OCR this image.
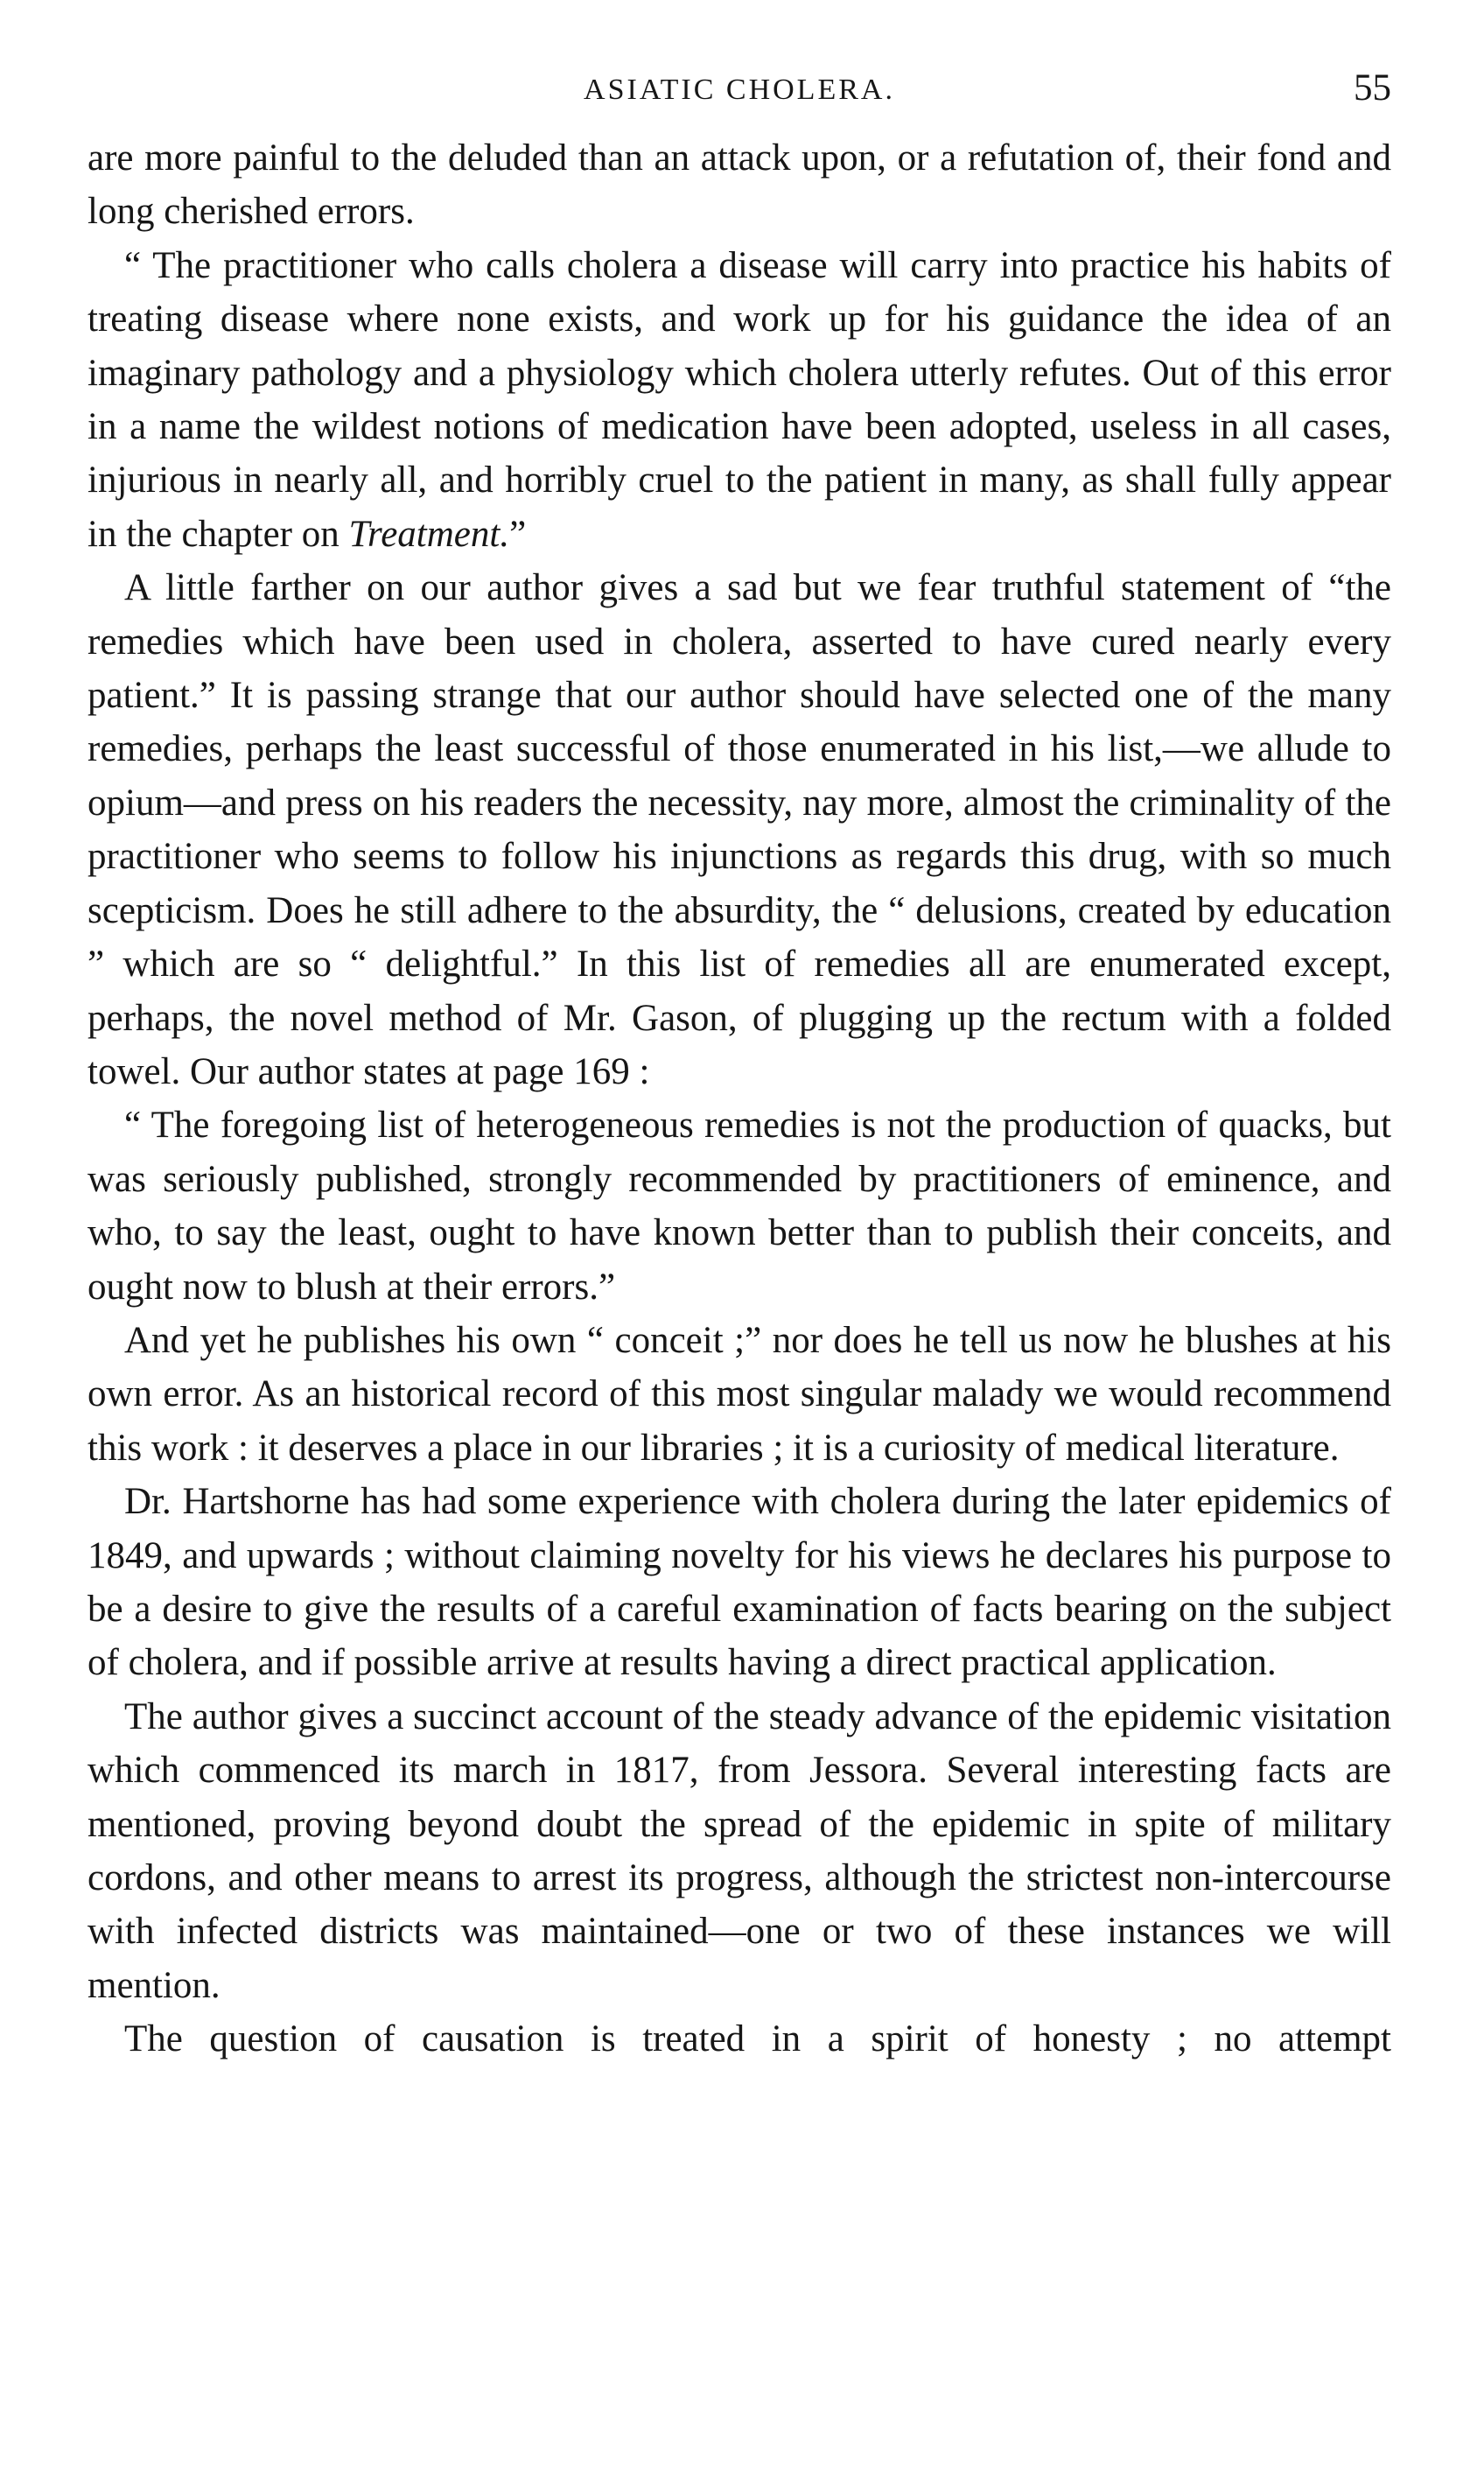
ASIATIC CHOLERA.	55

are more painful to the deluded than an attack upon, or a refutation of, their fond and long cherished errors.

“ The practitioner who calls cholera a disease will carry into practice his habits of treating disease where none exists, and work up for his guidance the idea of an imaginary pathology and a physiology which cholera utterly refutes. Out of this error in a name the wildest notions of medication have been adopted, useless in all cases, injurious in nearly all, and horribly cruel to the patient in many, as shall fully appear in the chapter on Treatment.”

A little farther on our author gives a sad but we fear truthful statement of “the remedies which have been used in cholera, asserted to have cured nearly every patient.” It is passing strange that our author should have selected one of the many remedies, perhaps the least successful of those enumerated in his list,—we allude to opium—and press on his readers the necessity, nay more, almost the criminality of the practitioner who seems to follow his injunctions as regards this drug, with so much scepticism. Does he still adhere to the absurdity, the “ delusions, created by education ” which are so “ delightful.” In this list of remedies all are enumerated except, perhaps, the novel method of Mr. Gason, of plugging up the rectum with a folded towel. Our author states at page 169 :

“ The foregoing list of heterogeneous remedies is not the production of quacks, but was seriously published, strongly recommended by practitioners of eminence, and who, to say the least, ought to have known better than to publish their conceits, and ought now to blush at their errors.”

And yet he publishes his own “ conceit ;” nor does he tell us now he blushes at his own error. As an historical record of this most singular malady we would recommend this work : it deserves a place in our libraries ; it is a curiosity of medical literature.

Dr. Hartshorne has had some experience with cholera during the later epidemics of 1849, and upwards ; without claiming novelty for his views he declares his purpose to be a desire to give the results of a careful examination of facts bearing on the subject of cholera, and if possible arrive at results having a direct practical application.

The author gives a succinct account of the steady advance of the epidemic visitation which commenced its march in 1817, from Jessora. Several interesting facts are mentioned, proving beyond doubt the spread of the epidemic in spite of military cordons, and other means to arrest its progress, although the strictest non-intercourse with infected districts was maintained—one or two of these instances we will mention.

The question of causation is treated in a spirit of honesty ; no attempt
